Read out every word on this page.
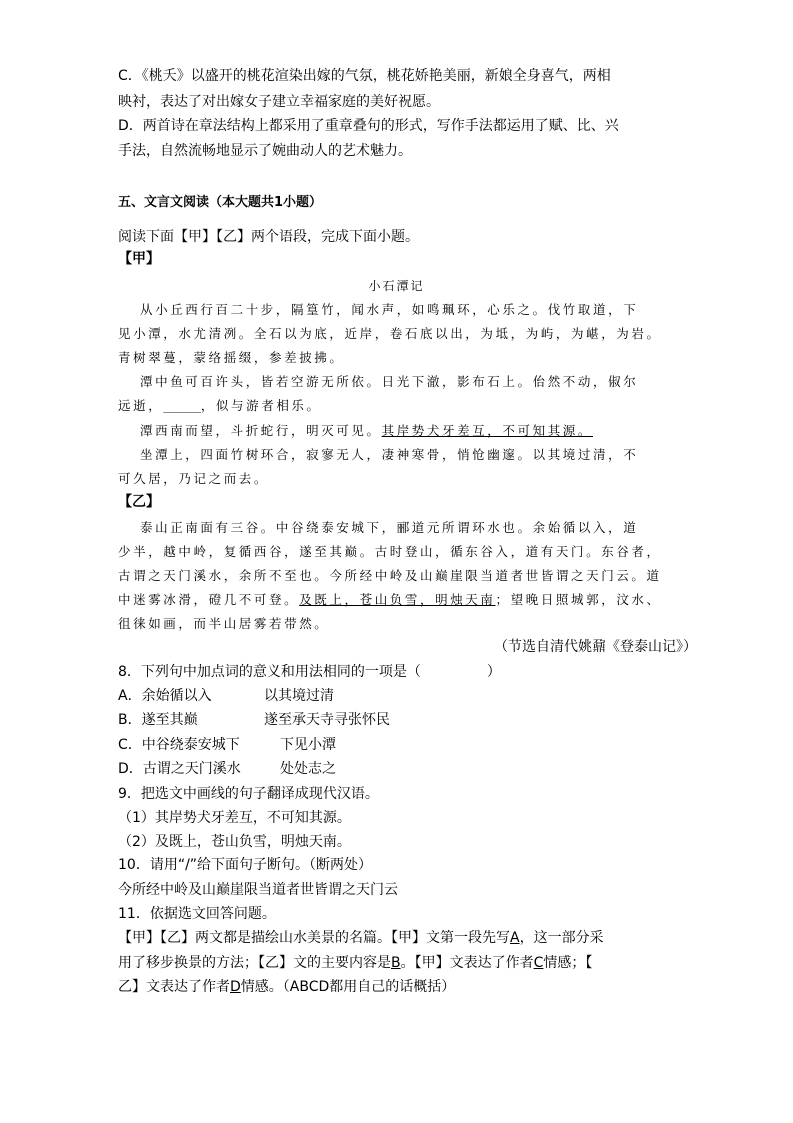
C．《桃夭》以盛开的桃花渲染出嫁的气氛，桃花娇艳美丽，新娘全身喜气，两相
映衬，表达了对出嫁女子建立幸福家庭的美好祝愿。
D．两首诗在章法结构上都采用了重章叠句的形式，写作手法都运用了赋、比、兴
手法，自然流畅地显示了婉曲动人的艺术魅力。
五、文言文阅读（本大题共1小题）
阅读下面【甲】【乙】两个语段，完成下面小题。
【甲】
小石潭记
从小丘西行百二十步，隔篁竹，闻水声，如鸣珮环，心乐之。伐竹取道，下
见小潭，水尤清冽。全石以为底，近岸，卷石底以出，为坻，为屿，为嵁，为岩。
青树翠蔓，蒙络摇缀，参差披拂。
潭中鱼可百许头，皆若空游无所依。日光下澈，影布石上。佁然不动，俶尔
远逝，______，似与游者相乐。
潭西南而望，斗折蛇行，明灭可见。其岸势犬牙差互，不可知其源。
坐潭上，四面竹树环合，寂寥无人，凄神寒骨，悄怆幽邃。以其境过清，不
可久居，乃记之而去。
【乙】
泰山正南面有三谷。中谷绕泰安城下，郦道元所谓环水也。余始循以入，道
少半，越中岭，复循西谷，遂至其巅。古时登山，循东谷入，道有天门。东谷者，
古谓之天门溪水，余所不至也。今所经中岭及山巅崖限当道者世皆谓之天门云。道
中迷雾冰滑，磴几不可登。及既上，苍山负雪，明烛天南；望晚日照城郭，汶水、
徂徕如画，而半山居雾若带然。
（节选自清代姚鼐《登泰山记》）
8．下列句中加点词的意义和用法相同的一项是（	）
A．余始循以入	以其境过清
B．遂至其巅	遂至承天寺寻张怀民
C．中谷绕泰安城下	下见小潭
D．古谓之天门溪水	处处志之
9．把选文中画线的句子翻译成现代汉语。
（1）其岸势犬牙差互，不可知其源。
（2）及既上，苍山负雪，明烛天南。
10．请用“/”给下面句子断句。（断两处）
今所经中岭及山巅崖限当道者世皆谓之天门云
11．依据选文回答问题。
【甲】【乙】两文都是描绘山水美景的名篇。【甲】文第一段先写A，这一部分采
用了移步换景的方法；【乙】文的主要内容是B。【甲】文表达了作者C情感；【
乙】文表达了作者D情感。（ABCD都用自己的话概括）
